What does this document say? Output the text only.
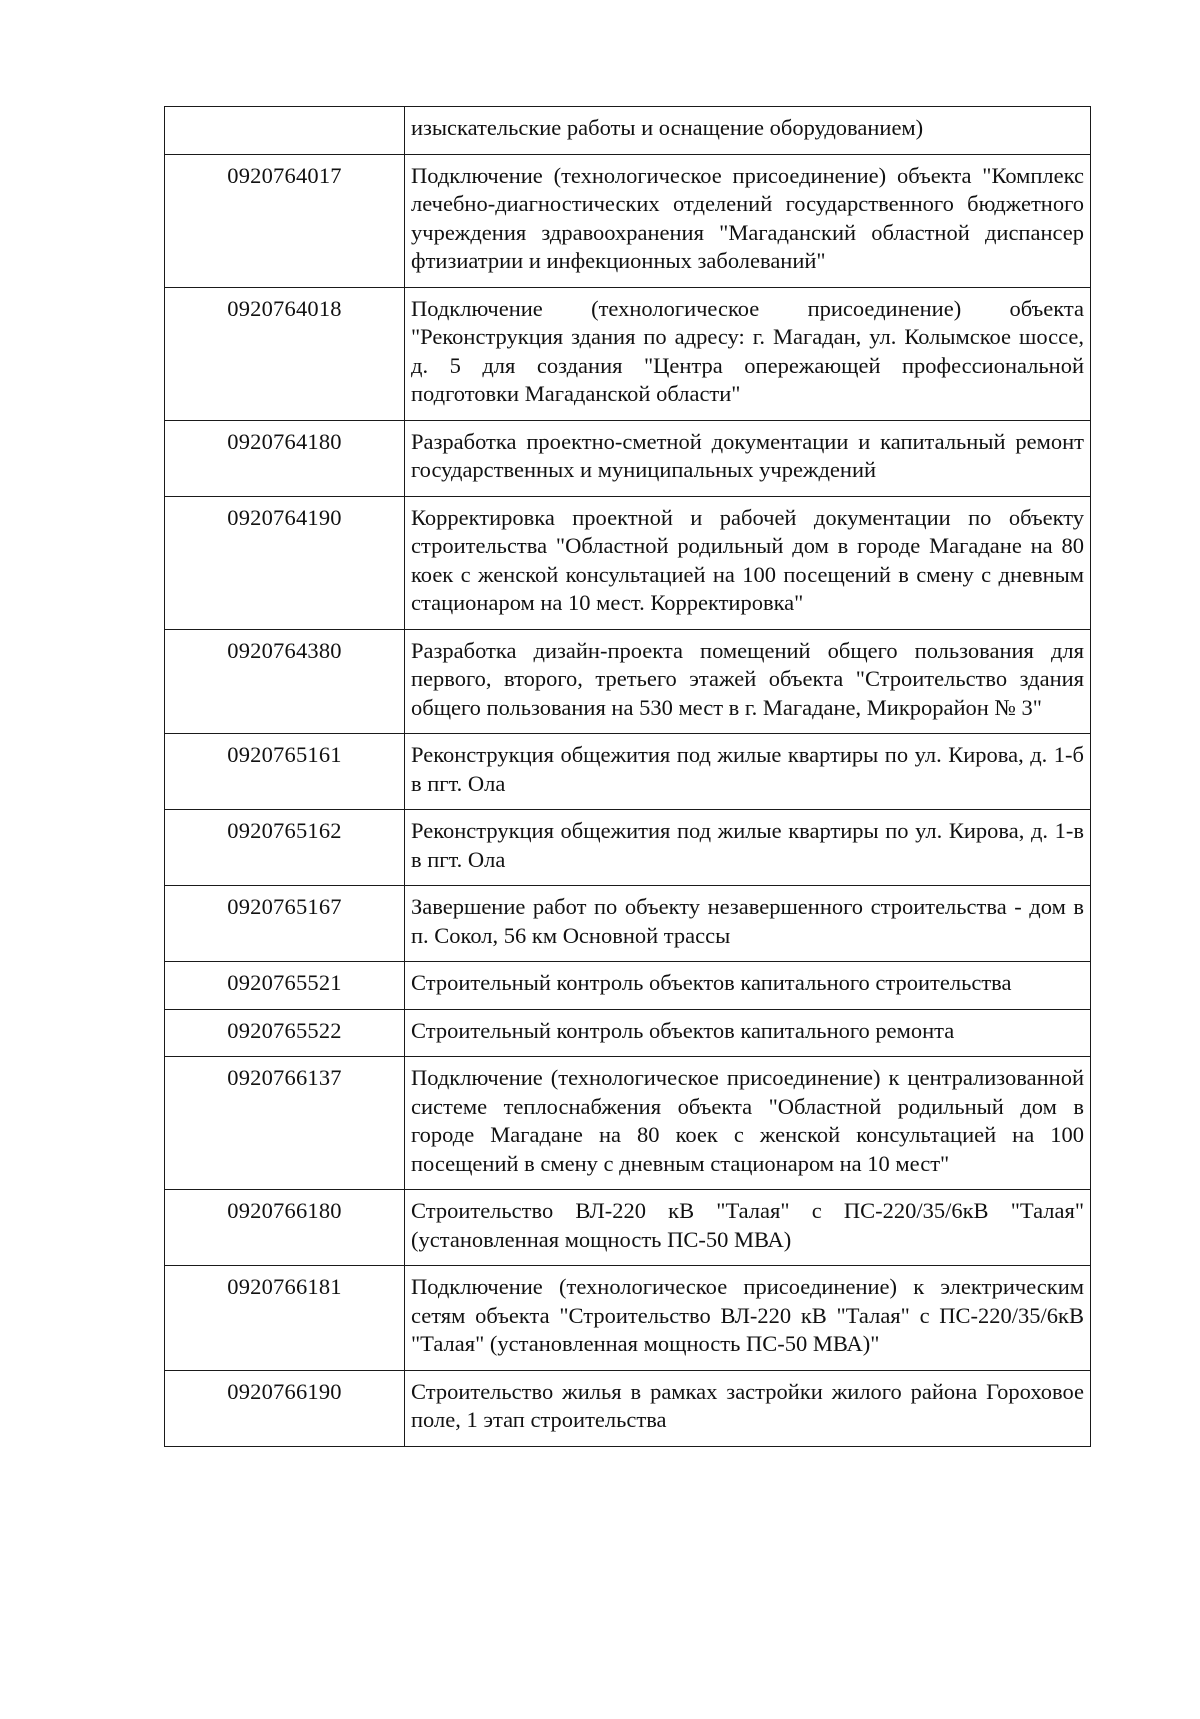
	изыскательские работы и оснащение оборудованием)

0920764017	Подключение (технологическое присоединение) объекта "Комплекс лечебно-диагностических отделений государственного бюджетного учреждения здравоохранения "Магаданский областной диспансер фтизиатрии и инфекционных заболеваний"

0920764018	Подключение (технологическое присоединение) объекта "Реконструкция здания по адресу: г. Магадан, ул. Колымское шоссе, д. 5 для создания "Центра опережающей профессиональной подготовки Магаданской области"

0920764180	Разработка проектно-сметной документации и капитальный ремонт государственных и муниципальных учреждений

0920764190	Корректировка проектной и рабочей документации по объекту строительства "Областной родильный дом в городе Магадане на 80 коек с женской консультацией на 100 посещений в смену с дневным стационаром на 10 мест. Корректировка"

0920764380	Разработка дизайн-проекта помещений общего пользования для первого, второго, третьего этажей объекта "Строительство здания общего пользования на 530 мест в г. Магадане, Микрорайон № 3"

0920765161	Реконструкция общежития под жилые квартиры по ул. Кирова, д. 1-б в пгт. Ола

0920765162	Реконструкция общежития под жилые квартиры по ул. Кирова, д. 1-в в пгт. Ола

0920765167	Завершение работ по объекту незавершенного строительства - дом в п. Сокол, 56 км Основной трассы

0920765521	Строительный контроль объектов капитального строительства

0920765522	Строительный контроль объектов капитального ремонта

0920766137	Подключение (технологическое присоединение) к централизованной системе теплоснабжения объекта "Областной родильный дом в городе Магадане на 80 коек с женской консультацией на 100 посещений в смену с дневным стационаром на 10 мест"

0920766180	Строительство ВЛ-220 кВ "Талая" с ПС-220/35/6кВ "Талая" (установленная мощность ПС-50 МВА)

0920766181	Подключение (технологическое присоединение) к электрическим сетям объекта "Строительство ВЛ-220 кВ "Талая" с ПС-220/35/6кВ "Талая" (установленная мощность ПС-50 МВА)"

0920766190	Строительство жилья в рамках застройки жилого района Гороховое поле, 1 этап строительства
